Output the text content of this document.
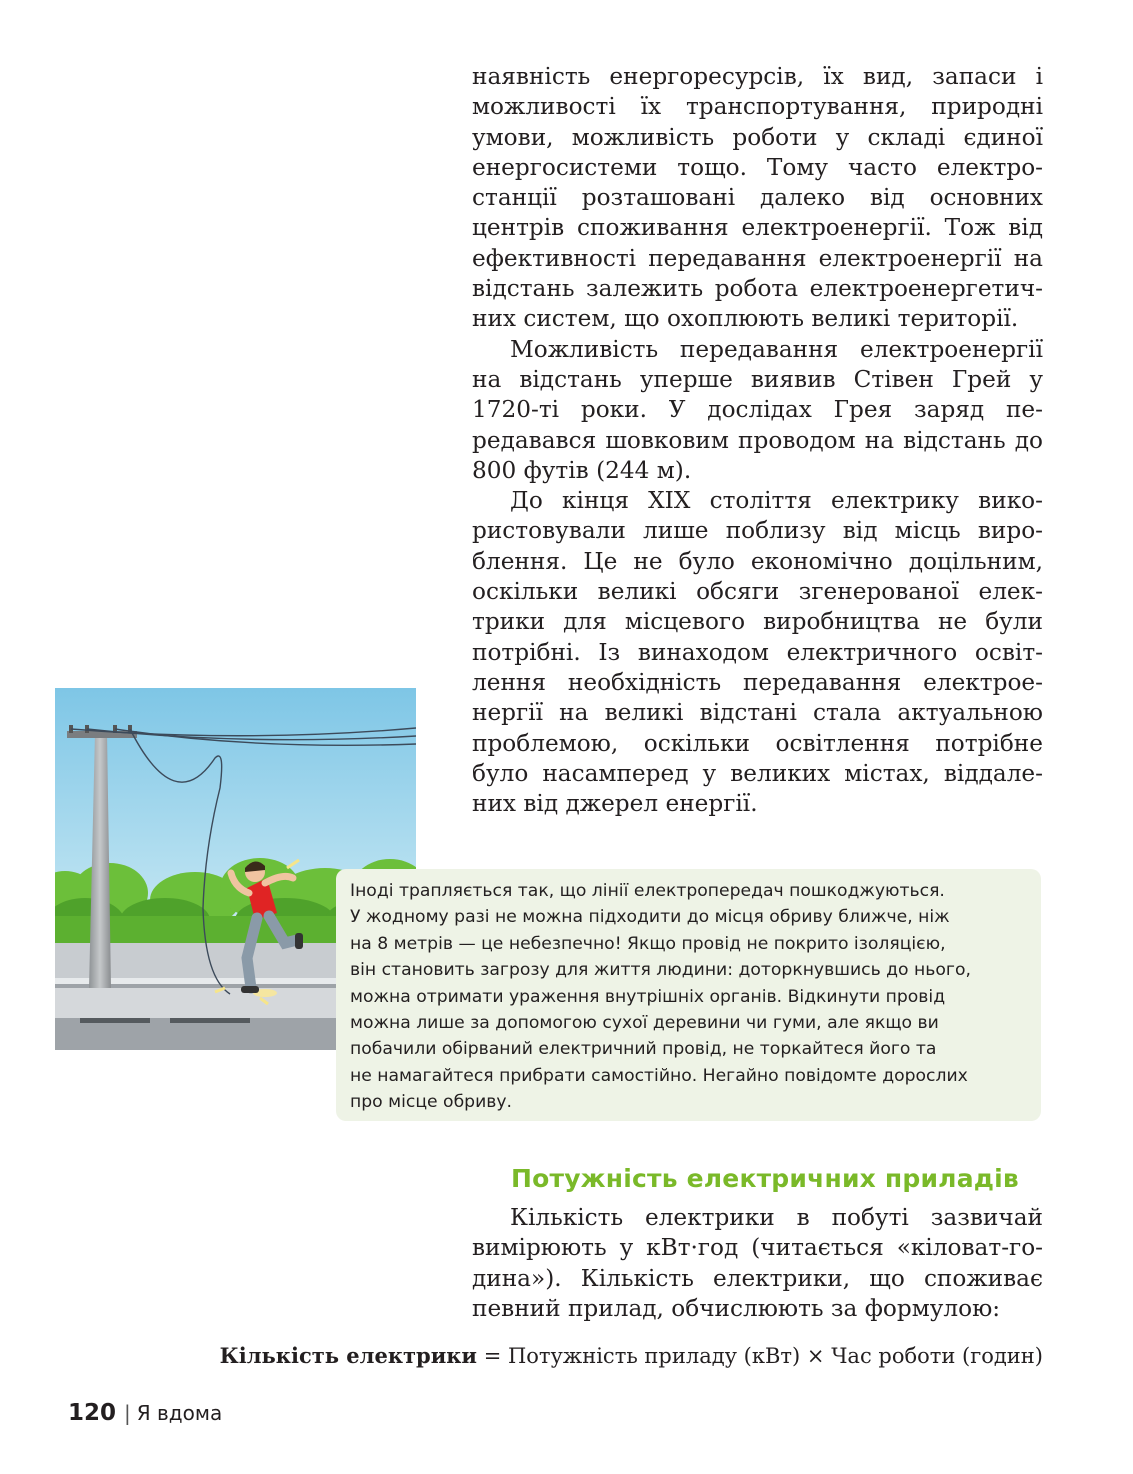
наявність енергоресурсів, їх вид, запаси і можливості їх транспортування, природні умови, можливість роботи у складі єдиної енергосистеми тощо. Тому часто електростанції розташовані далеко від основних центрів споживання електроенергії. Тож від ефективності передавання електроенергії на відстань залежить робота електроенергетичних систем, що охоплюють великі території.

Можливість передавання електроенергії на відстань уперше виявив Стівен Грей у 1720-ті роки. У дослідах Грея заряд передавався шовковим проводом на відстань до 800 футів (244 м).

До кінця XIX століття електрику використовували лише поблизу від місць вироблення. Це не було економічно доцільним, оскільки великі обсяги згенерованої електрики для місцевого виробництва не були потрібні. Із винаходом електричного освітлення необхідність передавання електроенергії на великі відстані стала актуальною проблемою, оскільки освітлення потрібне було насамперед у великих містах, віддалених від джерел енергії.

Іноді трапляється так, що лінії електропередач пошкоджуються.

У жодному разі не можна підходити до місця обриву ближче, ніж

на 8 метрів — це небезпечно! Якщо провід не покрито ізоляцією,

він становить загрозу для життя людини: доторкнувшись до нього,

можна отримати ураження внутрішніх органів. Відкинути провід

можна лише за допомогою сухої деревини чи гуми, але якщо ви

побачили обірваний електричний провід, не торкайтеся його та

не намагайтеся прибрати самостійно. Негайно повідомте дорослих

про місце обриву.

Потужність електричних приладів

Кількість електрики в побуті зазвичай вимірюють у кВт·год (читається «кіловат-година»). Кількість електрики, що споживає певний прилад, обчислюють за формулою:

Кількість електрики = Потужність приладу (кВт) × Час роботи (годин)
120 | Я вдома
